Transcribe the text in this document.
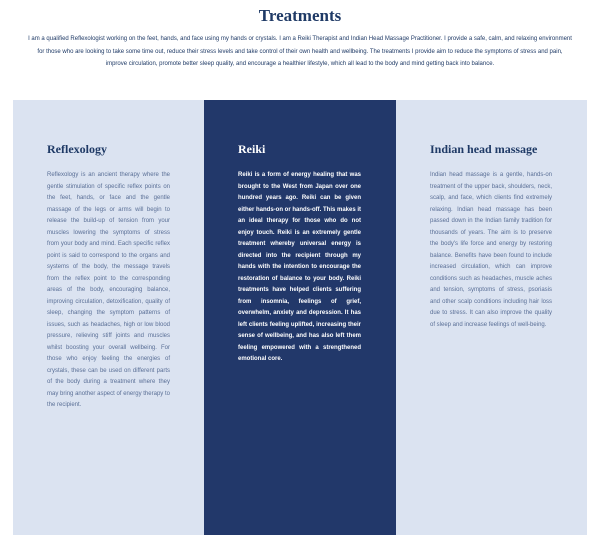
Treatments

I am a qualified Reflexologist working on the feet, hands, and face using my hands or crystals. I am a Reiki Therapist and Indian Head Massage Practitioner. I provide a safe, calm, and relaxing environment for those who are looking to take some time out, reduce their stress levels and take control of their own health and wellbeing. The treatments I provide aim to reduce the symptoms of stress and pain, improve circulation, promote better sleep quality, and encourage a healthier lifestyle, which all lead to the body and mind getting back into balance.

Reflexology

Reflexology is an ancient therapy where the gentle stimulation of specific reflex points on the feet, hands, or face and the gentle massage of the legs or arms will begin to release the build-up of tension from your muscles lowering the symptoms of stress from your body and mind. Each specific reflex point is said to correspond to the organs and systems of the body, the message travels from the reflex point to the corresponding areas of the body, encouraging balance, improving circulation, detoxification, quality of sleep, changing the symptom patterns of issues, such as headaches, high or low blood pressure, relieving stiff joints and muscles whilst boosting your overall wellbeing. For those who enjoy feeling the energies of crystals, these can be used on different parts of the body during a treatment where they may bring another aspect of energy therapy to the recipient.

Reiki

Reiki is a form of energy healing that was brought to the West from Japan over one hundred years ago. Reiki can be given either hands-on or hands-off. This makes it an ideal therapy for those who do not enjoy touch. Reiki is an extremely gentle treatment whereby universal energy is directed into the recipient through my hands with the intention to encourage the restoration of balance to your body. Reiki treatments have helped clients suffering from insomnia, feelings of grief, overwhelm, anxiety and depression. It has left clients feeling uplifted, increasing their sense of wellbeing, and has also left them feeling empowered with a strengthened emotional core.

Indian head massage

Indian head massage is a gentle, hands-on treatment of the upper back, shoulders, neck, scalp, and face, which clients find extremely relaxing. Indian head massage has been passed down in the Indian family tradition for thousands of years. The aim is to preserve the body's life force and energy by restoring balance. Benefits have been found to include increased circulation, which can improve conditions such as headaches, muscle aches and tension, symptoms of stress, psoriasis and other scalp conditions including hair loss due to stress. It can also improve the quality of sleep and increase feelings of well-being.
